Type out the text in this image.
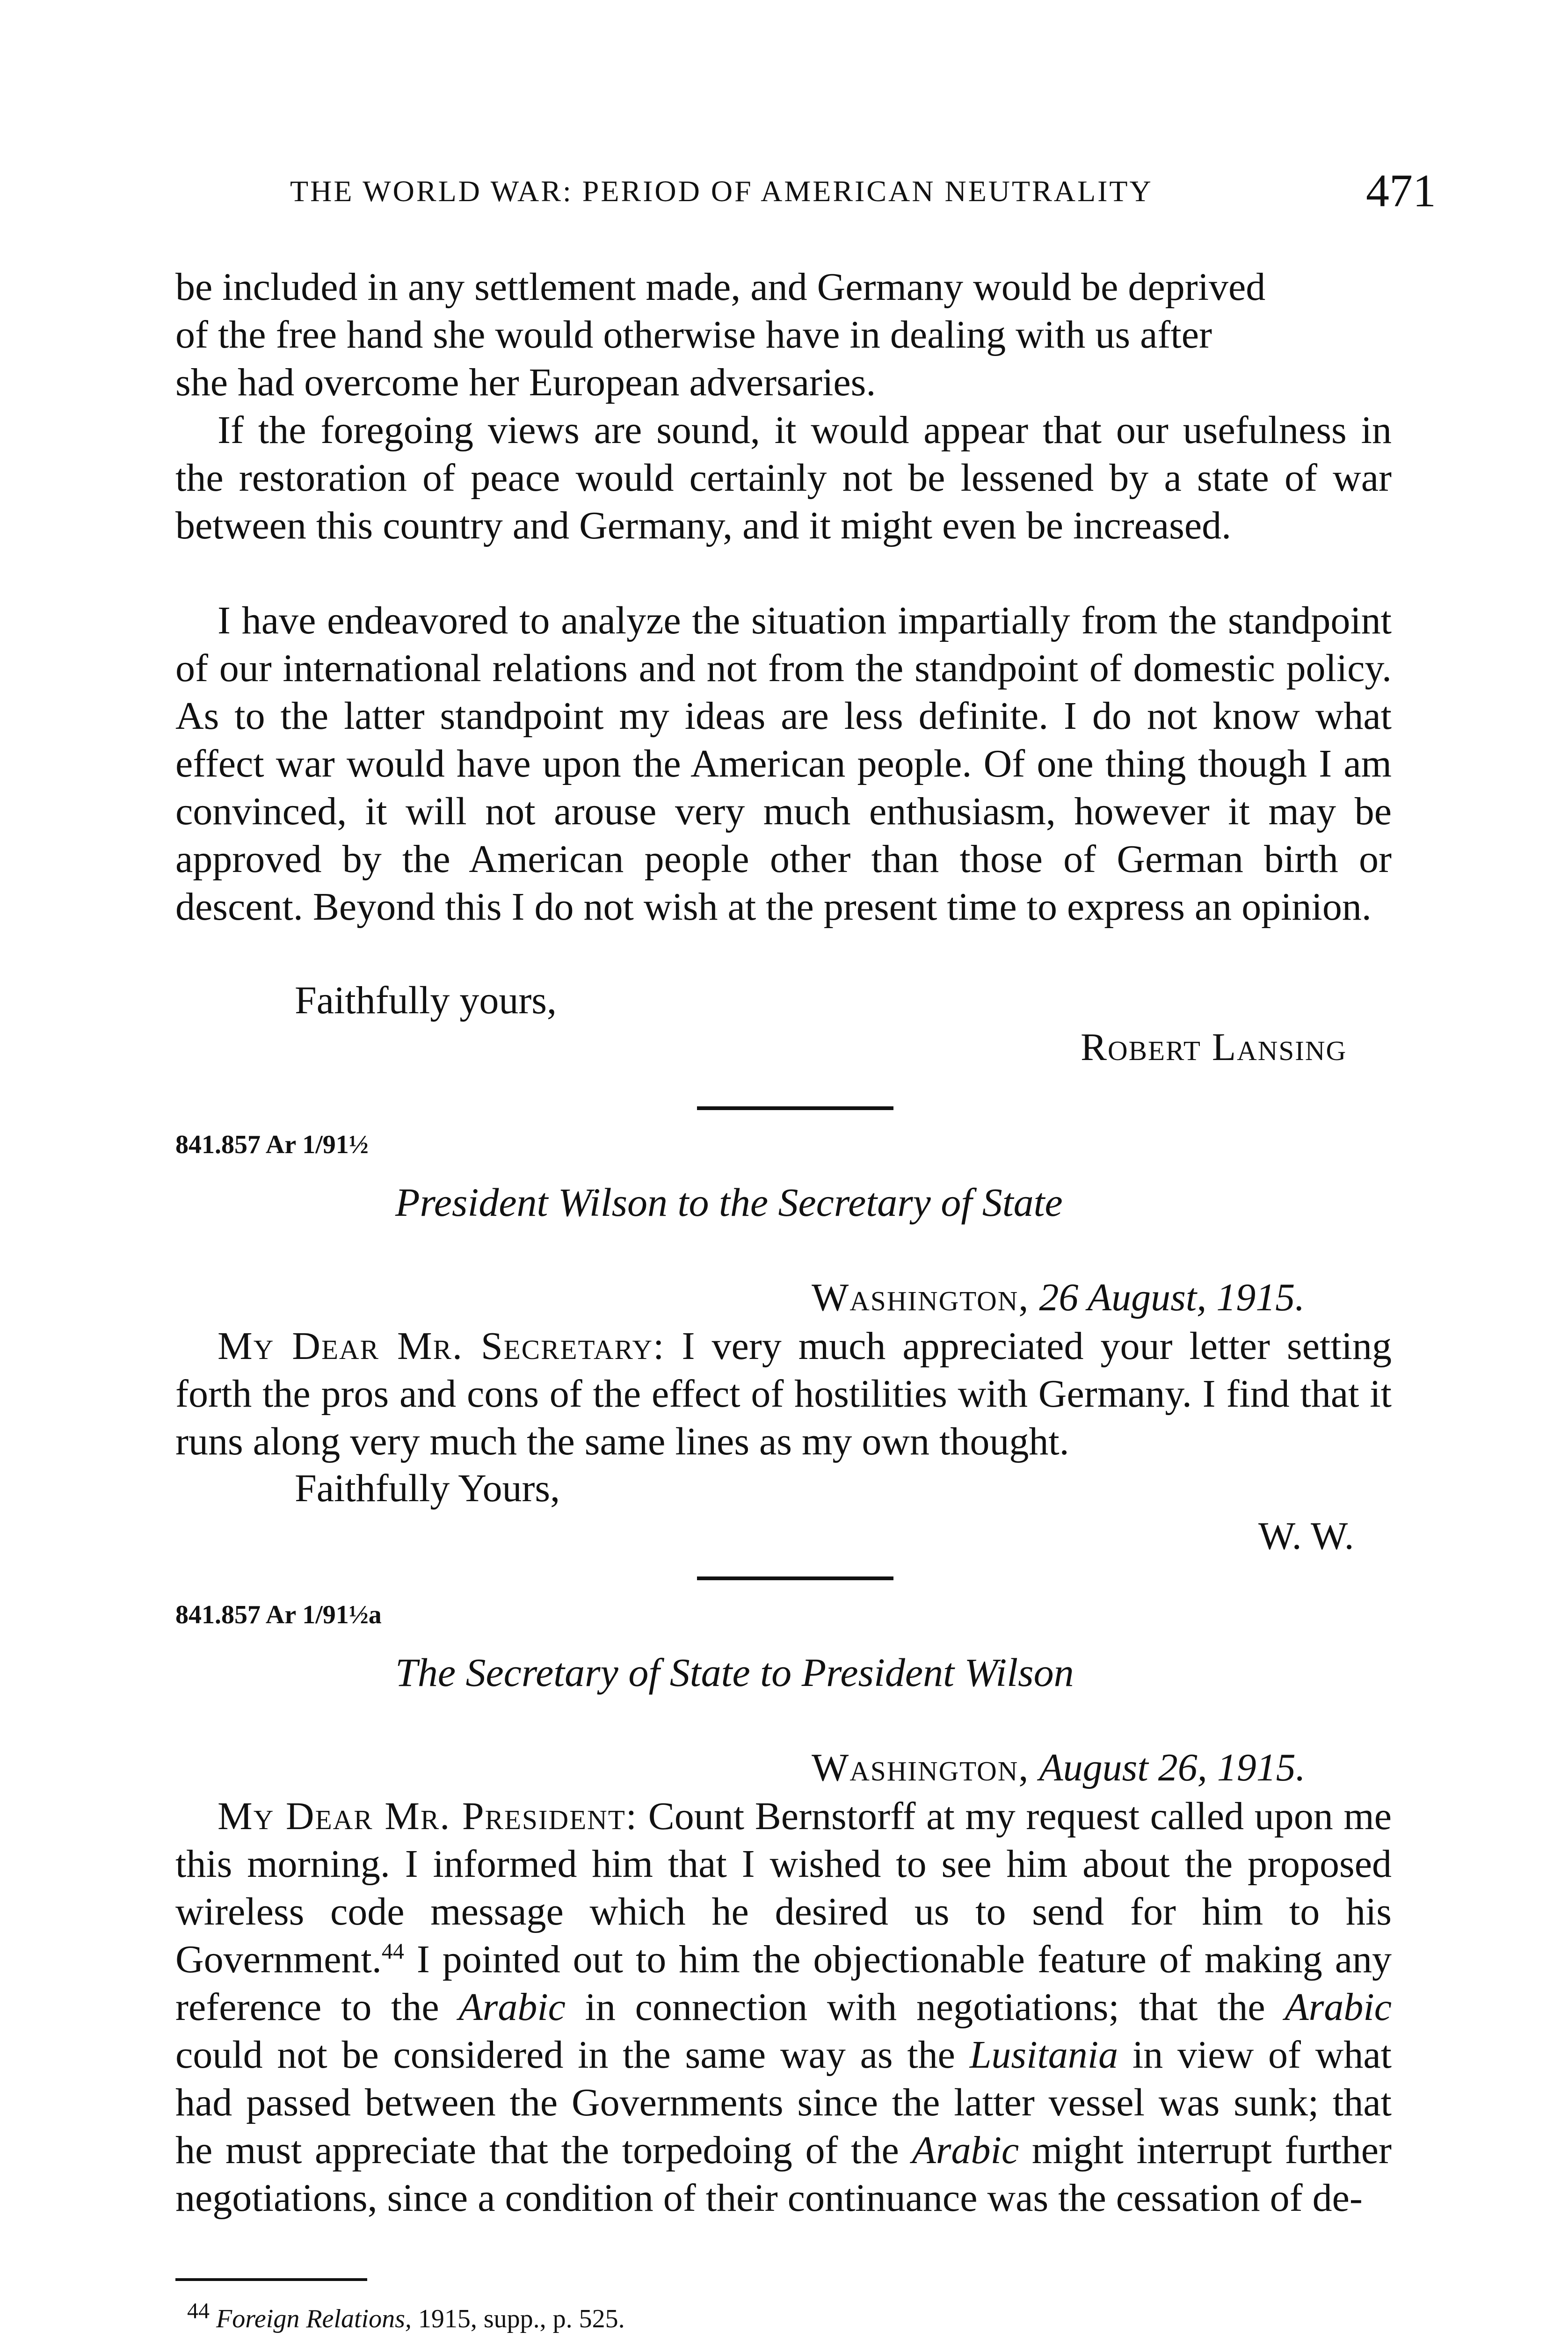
THE WORLD WAR: PERIOD OF AMERICAN NEUTRALITY	471
be included in any settlement made, and Germany would be deprived
of the free hand she would otherwise have in dealing with us after
she had overcome her European adversaries.
If the foregoing views are sound, it would appear that our usefulness in the restoration of peace would certainly not be lessened by a state of war between this country and Germany, and it might even be increased.
I have endeavored to analyze the situation impartially from the standpoint of our international relations and not from the standpoint of domestic policy. As to the latter standpoint my ideas are less definite. I do not know what effect war would have upon the American people. Of one thing though I am convinced, it will not arouse very much enthusiasm, however it may be approved by the American people other than those of German birth or descent. Beyond this I do not wish at the present time to express an opinion.
Faithfully yours,
Robert Lansing
841.857 Ar 1/91½
President Wilson to the Secretary of State
Washington, 26 August, 1915.
My Dear Mr. Secretary: I very much appreciated your letter setting forth the pros and cons of the effect of hostilities with Germany. I find that it runs along very much the same lines as my own thought.
Faithfully Yours,
W. W.
841.857 Ar 1/91½a
The Secretary of State to President Wilson
Washington, August 26, 1915.
My Dear Mr. President: Count Bernstorff at my request called upon me this morning. I informed him that I wished to see him about the proposed wireless code message which he desired us to send for him to his Government.$^{44}$ I pointed out to him the objectionable feature of making any reference to the Arabic in connection with negotiations; that the Arabic could not be considered in the same way as the Lusitania in view of what had passed between the Governments since the latter vessel was sunk; that he must appreciate that the torpedoing of the Arabic might interrupt further negotiations, since a condition of their continuance was the cessation of de-
$^{44}$ Foreign Relations, 1915, supp., p. 525.
